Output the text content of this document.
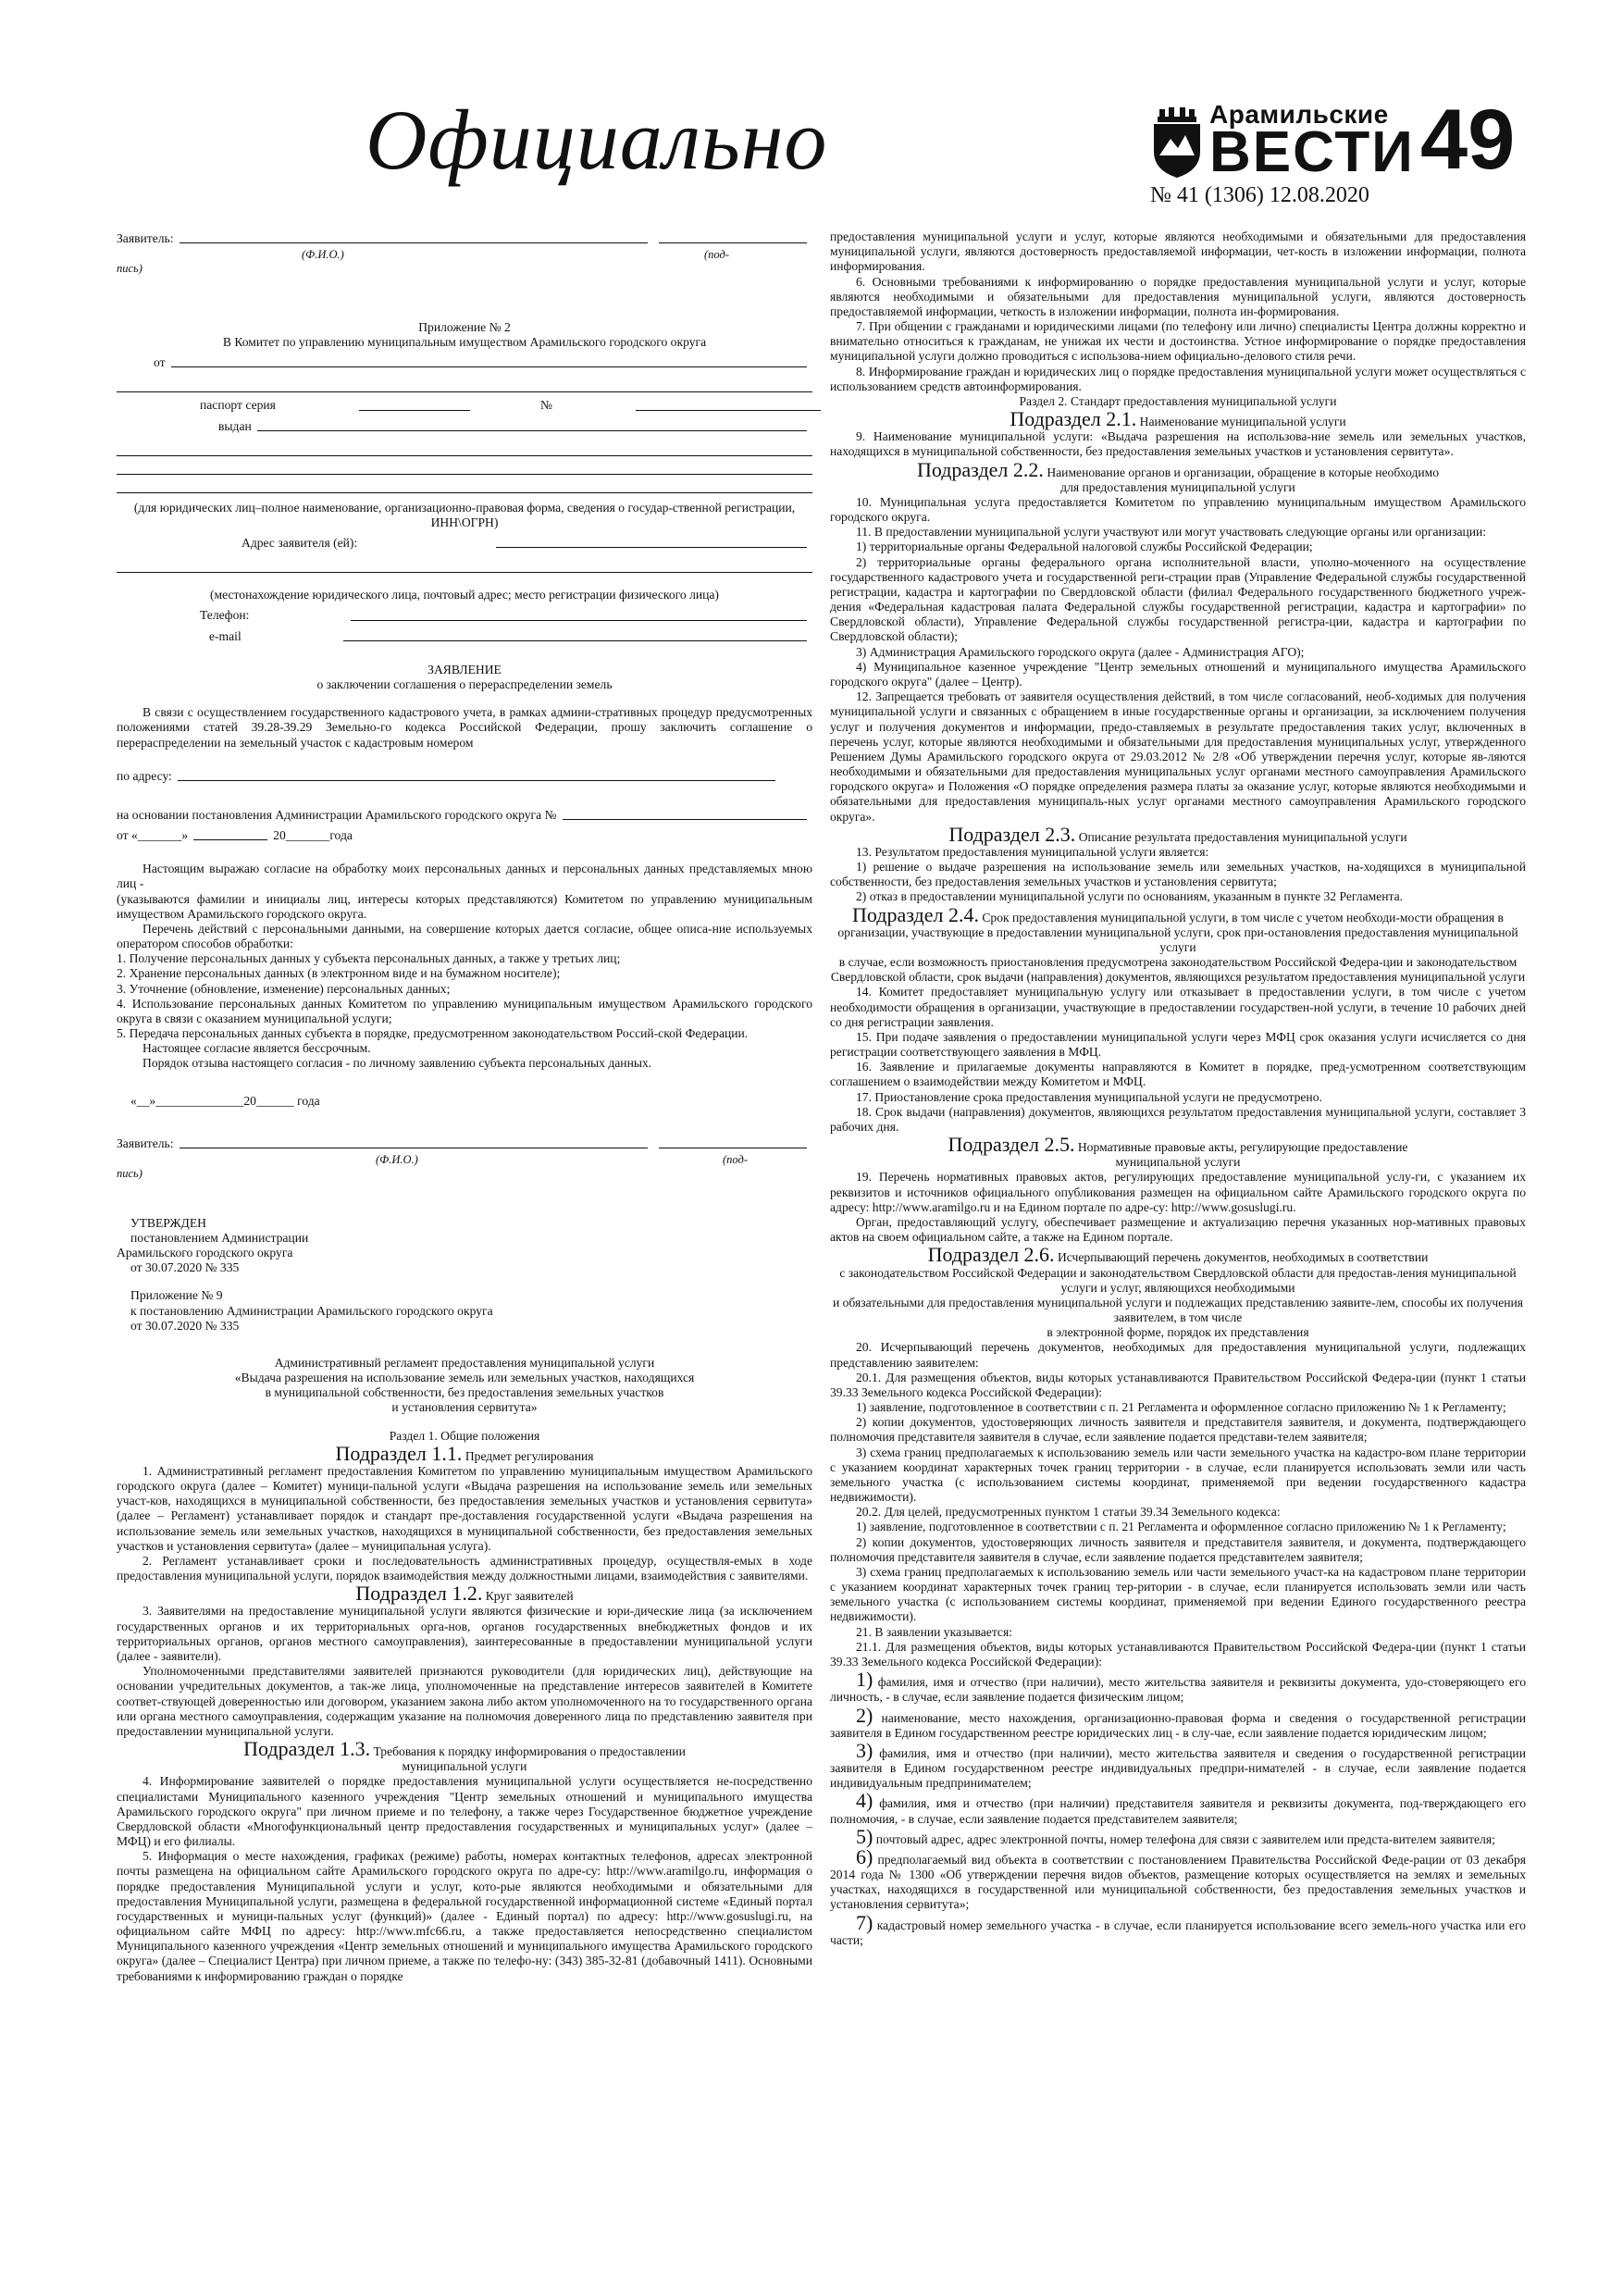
Официально	Арамильские
ВЕСТИ 49
№ 41 (1306) 12.08.2020
Заявитель:
(Ф.И.О.)	(под-
пись)

Приложение № 2

В Комитет по управлению муниципальным имуществом Арамильского городского округа

от
паспорт серия	№
выдан

(для юридических лиц–полное наименование, организационно-правовая форма, сведения о государ-ственной регистрации, ИНН\ОГРН)

Адрес заявителя (ей):

(местонахождение юридического лица, почтовый адрес; место регистрации физического лица)

Телефон:
e-mail

ЗАЯВЛЕНИЕ

о заключении соглашения о перераспределении земель

В связи с осуществлением государственного кадастрового учета, в рамках админи-стративных процедур предусмотренных положениями статей 39.28-39.29 Земельно-го кодекса Российской Федерации, прошу заключить соглашение о перераспределении на земельный участок с кадастровым номером

по адресу:
на основании постановления Администрации Арамильского городского округа №
от «_______»	20_______года

Настоящим выражаю согласие на обработку моих персональных данных и персональных данных представляемых мною лиц -

(указываются фамилии и инициалы лиц, интересы которых представляются) Комитетом по управлению муниципальным имуществом Арамильского городского округа.

Перечень действий с персональными данными, на совершение которых дается согласие, общее описа-ние используемых оператором способов обработки:

1. Получение персональных данных у субъекта персональных данных, а также у третьих лиц;

2. Хранение персональных данных (в электронном виде и на бумажном носителе);

3. Уточнение (обновление, изменение) персональных данных;

4. Использование персональных данных Комитетом по управлению муниципальным имуществом Арамильского городского округа в связи с оказанием муниципальной услуги;

5. Передача персональных данных субъекта в порядке, предусмотренном законодательством Россий-ской Федерации.

Настоящее согласие является бессрочным.

Порядок отзыва настоящего согласия - по личному заявлению субъекта персональных данных.

«__»______________20______ года

Заявитель:
(Ф.И.О.)	(под-
пись)

УТВЕРЖДЕН

постановлением Администрации

Арамильского городского округа

от 30.07.2020 № 335

Приложение № 9

к постановлению Администрации Арамильского городского округа

от 30.07.2020 № 335

Административный регламент предоставления муниципальной услуги

«Выдача разрешения на использование земель или земельных участков, находящихся

в муниципальной собственности, без предоставления земельных участков

и установления сервитута»

Раздел 1. Общие положения

Подраздел 1.1. Предмет регулирования

1. Административный регламент предоставления Комитетом по управлению муниципальным имуществом Арамильского городского округа (далее – Комитет) муници-пальной услуги «Выдача разрешения на использование земель или земельных участ-ков, находящихся в муниципальной собственности, без предоставления земельных участков и установления сервитута» (далее – Регламент) устанавливает порядок и стандарт пре-доставления государственной услуги «Выдача разрешения на использование земель или земельных участков, находящихся в муниципальной собственности, без предоставления земельных участков и установления сервитута» (далее – муниципальная услуга).

2. Регламент устанавливает сроки и последовательность административных процедур, осуществля-емых в ходе предоставления муниципальной услуги, порядок взаимодействия между должностными лицами, взаимодействия с заявителями.

Подраздел 1.2. Круг заявителей

3. Заявителями на предоставление муниципальной услуги являются физические и юри-дические лица (за исключением государственных органов и их территориальных орга-нов, органов государственных внебюджетных фондов и их территориальных органов, органов местного самоуправления), заинтересованные в предоставлении муниципальной услуги (далее - заявители).

Уполномоченными представителями заявителей признаются руководители (для юридических лиц), действующие на основании учредительных документов, а так-же лица, уполномоченные на представление интересов заявителей в Комитете соответ-ствующей доверенностью или договором, указанием закона либо актом уполномоченного на то государственного органа или органа местного самоуправления, содержащим указание на полномочия доверенного лица по представлению заявителя при предоставлении муниципальной услуги.

Подраздел 1.3. Требования к порядку информирования о предоставлении

муниципальной услуги

4. Информирование заявителей о порядке предоставления муниципальной услуги осуществляется не-посредственно специалистами Муниципального казенного учреждения "Центр земельных отношений и муниципального имущества Арамильского городского округа" при личном приеме и по телефону, а также через Государственное бюджетное учреждение Свердловской области «Многофункциональный центр предоставления государственных и муниципальных услуг» (далее – МФЦ) и его филиалы.

5. Информация о месте нахождения, графиках (режиме) работы, номерах контактных телефонов, адресах электронной почты размещена на официальном сайте Арамильского городского округа по адре-су: http://www.aramilgo.ru, информация о порядке предоставления Муниципальной услуги и услуг, кото-рые являются необходимыми и обязательными для предоставления Муниципальной услуги, размещена в федеральной государственной информационной системе «Единый портал государственных и муници-пальных услуг (функций)» (далее - Единый портал) по адресу: http://www.gosuslugi.ru, на официальном сайте МФЦ по адресу: http://www.mfc66.ru, а также предоставляется непосредственно специалистом Муниципального казенного учреждения «Центр земельных отношений и муниципального имущества Арамильского городского округа» (далее – Специалист Центра) при личном приеме, а также по телефо-ну: (343) 385-32-81 (добавочный 1411). Основными требованиями к информированию граждан о порядке

предоставления муниципальной услуги и услуг, которые являются необходимыми и обязательными для предоставления муниципальной услуги, являются достоверность предоставляемой информации, чет-кость в изложении информации, полнота информирования.

6. Основными требованиями к информированию о порядке предоставления муниципальной услуги и услуг, которые являются необходимыми и обязательными для предоставления муниципальной услуги, являются достоверность предоставляемой информации, четкость в изложении информации, полнота ин-формирования.

7. При общении с гражданами и юридическими лицами (по телефону или лично) специалисты Центра должны корректно и внимательно относиться к гражданам, не унижая их чести и достоинства. Устное информирование о порядке предоставления муниципальной услуги должно проводиться с использова-нием официально-делового стиля речи.

8. Информирование граждан и юридических лиц о порядке предоставления муниципальной услуги может осуществляться с использованием средств автоинформирования.

Раздел 2. Стандарт предоставления муниципальной услуги

Подраздел 2.1. Наименование муниципальной услуги

9. Наименование муниципальной услуги: «Выдача разрешения на использова-ние земель или земельных участков, находящихся в муниципальной собственности, без предоставления земельных участков и установления сервитута».

Подраздел 2.2. Наименование органов и организации, обращение в которые необходимо

для предоставления муниципальной услуги

10. Муниципальная услуга предоставляется Комитетом по управлению муниципальным имуществом Арамильского городского округа.

11. В предоставлении муниципальной услуги участвуют или могут участвовать следующие органы или организации:

1) территориальные органы Федеральной налоговой службы Российской Федерации;

2) территориальные органы федерального органа исполнительной власти, уполно-моченного на осуществление государственного кадастрового учета и государственной реги-страции прав (Управление Федеральной службы государственной регистрации, кадастра и картографии по Свердловской области (филиал Федерального государственного бюджетного учреж-дения «Федеральная кадастровая палата Федеральной службы государственной регистрации, кадастра и картографии» по Свердловской области), Управление Федеральной службы государственной регистра-ции, кадастра и картографии по Свердловской области);

3) Администрация Арамильского городского округа (далее - Администрация АГО);

4) Муниципальное казенное учреждение "Центр земельных отношений и муниципального имущества Арамильского городского округа" (далее – Центр).

12. Запрещается требовать от заявителя осуществления действий, в том числе согласований, необ-ходимых для получения муниципальной услуги и связанных с обращением в иные государственные органы и организации, за исключением получения услуг и получения документов и информации, предо-ставляемых в результате предоставления таких услуг, включенных в перечень услуг, которые являются необходимыми и обязательными для предоставления муниципальных услуг, утвержденного Решением Думы Арамильского городского округа от 29.03.2012 № 2/8 «Об утверждении перечня услуг, которые яв-ляются необходимыми и обязательными для предоставления муниципальных услуг органами местного самоуправления Арамильского городского округа» и Положения «О порядке определения размера платы за оказание услуг, которые являются необходимыми и обязательными для предоставления муниципаль-ных услуг органами местного самоуправления Арамильского городского округа».

Подраздел 2.3. Описание результата предоставления муниципальной услуги

13. Результатом предоставления муниципальной услуги является:

1) решение о выдаче разрешения на использование земель или земельных участков, на-ходящихся в муниципальной собственности, без предоставления земельных участков и установления сервитута;

2) отказ в предоставлении муниципальной услуги по основаниям, указанным в пункте 32 Регламента.

Подраздел 2.4. Срок предоставления муниципальной услуги, в том числе с учетом необходи-мости обращения в организации, участвующие в предоставлении муниципальной услуги, срок при-остановления предоставления муниципальной услуги

в случае, если возможность приостановления предусмотрена законодательством Российской Федера-ции и законодательством Свердловской области, срок выдачи (направления) документов, являющихся результатом предоставления муниципальной услуги

14. Комитет предоставляет муниципальную услугу или отказывает в предоставлении услуги, в том числе с учетом необходимости обращения в организации, участвующие в предоставлении государствен-ной услуги, в течение 10 рабочих дней со дня регистрации заявления.

15. При подаче заявления о предоставлении муниципальной услуги через МФЦ срок оказания услуги исчисляется со дня регистрации соответствующего заявления в МФЦ.

16. Заявление и прилагаемые документы направляются в Комитет в порядке, пред-усмотренном соответствующим соглашением о взаимодействии между Комитетом и МФЦ.

17. Приостановление срока предоставления муниципальной услуги не предусмотрено.

18. Срок выдачи (направления) документов, являющихся результатом предоставления муниципальной услуги, составляет 3 рабочих дня.

Подраздел 2.5. Нормативные правовые акты, регулирующие предоставление

муниципальной услуги

19. Перечень нормативных правовых актов, регулирующих предоставление муниципальной услу-ги, с указанием их реквизитов и источников официального опубликования размещен на официальном сайте Арамильского городского округа по адресу: http://www.aramilgo.ru и на Едином портале по адре-су: http://www.gosuslugi.ru.

Орган, предоставляющий услугу, обеспечивает размещение и актуализацию перечня указанных нор-мативных правовых актов на своем официальном сайте, а также на Едином портале.

Подраздел 2.6. Исчерпывающий перечень документов, необходимых в соответствии

с законодательством Российской Федерации и законодательством Свердловской области для предостав-ления муниципальной услуги и услуг, являющихся необходимыми

и обязательными для предоставления муниципальной услуги и подлежащих представлению заявите-лем, способы их получения заявителем, в том числе

в электронной форме, порядок их представления

20. Исчерпывающий перечень документов, необходимых для предоставления муниципальной услуги, подлежащих представлению заявителем:

20.1. Для размещения объектов, виды которых устанавливаются Правительством Российской Федера-ции (пункт 1 статьи 39.33 Земельного кодекса Российской Федерации):

1) заявление, подготовленное в соответствии с п. 21 Регламента и оформленное согласно приложению № 1 к Регламенту;

2) копии документов, удостоверяющих личность заявителя и представителя заявителя, и документа, подтверждающего полномочия представителя заявителя в случае, если заявление подается представи-телем заявителя;

3) схема границ предполагаемых к использованию земель или части земельного участка на кадастро-вом плане территории с указанием координат характерных точек границ территории - в случае, если планируется использовать земли или часть земельного участка (с использованием системы координат, применяемой при ведении государственного кадастра недвижимости).

20.2. Для целей, предусмотренных пунктом 1 статьи 39.34 Земельного кодекса:

1) заявление, подготовленное в соответствии с п. 21 Регламента и оформленное согласно приложению № 1 к Регламенту;

2) копии документов, удостоверяющих личность заявителя и представителя заявителя, и документа, подтверждающего полномочия представителя заявителя в случае, если заявление подается представителем заявителя;

3) схема границ предполагаемых к использованию земель или части земельного участ-ка на кадастровом плане территории с указанием координат характерных точек границ тер-ритории - в случае, если планируется использовать земли или часть земельного участка (с использованием системы координат, применяемой при ведении Единого государственного реестра недвижимости).

21. В заявлении указывается:

21.1. Для размещения объектов, виды которых устанавливаются Правительством Российской Федера-ции (пункт 1 статьи 39.33 Земельного кодекса Российской Федерации):

1) фамилия, имя и отчество (при наличии), место жительства заявителя и реквизиты документа, удо-стоверяющего его личность, - в случае, если заявление подается физическим лицом;

2) наименование, место нахождения, организационно-правовая форма и сведения о государственной регистрации заявителя в Едином государственном реестре юридических лиц - в слу-чае, если заявление подается юридическим лицом;

3) фамилия, имя и отчество (при наличии), место жительства заявителя и сведения о государственной регистрации заявителя в Едином государственном реестре индивидуальных предпри-нимателей - в случае, если заявление подается индивидуальным предпринимателем;

4) фамилия, имя и отчество (при наличии) представителя заявителя и реквизиты документа, под-тверждающего его полномочия, - в случае, если заявление подается представителем заявителя;

5) почтовый адрес, адрес электронной почты, номер телефона для связи с заявителем или предста-вителем заявителя;

6) предполагаемый вид объекта в соответствии с постановлением Правительства Российской Феде-рации от 03 декабря 2014 года № 1300 «Об утверждении перечня видов объектов, размещение которых осуществляется на землях и земельных участках, находящихся в государственной или муниципальной собственности, без предоставления земельных участков и установления сервитута»;

7) кадастровый номер земельного участка - в случае, если планируется использование всего земель-ного участка или его части;
